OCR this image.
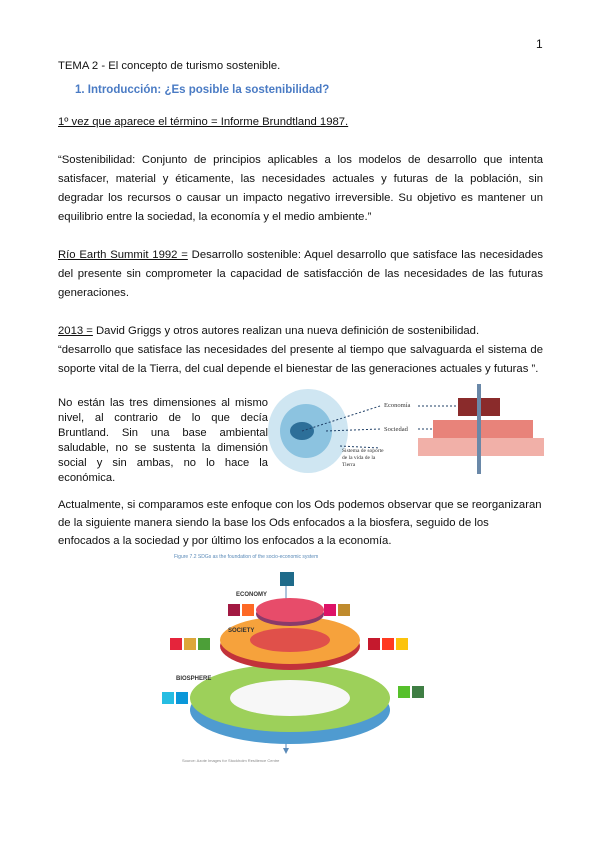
1
TEMA 2 - El concepto de turismo sostenible.
1. Introducción: ¿Es posible la sostenibilidad?
1º vez que aparece el término = Informe Brundtland 1987.
“Sostenibilidad: Conjunto de principios aplicables a los modelos de desarrollo que intenta satisfacer, material y éticamente, las necesidades actuales y futuras de la población, sin degradar los recursos o causar un impacto negativo irreversible. Su objetivo es mantener un equilibrio entre la sociedad, la economía y el medio ambiente.”
Río Earth Summit 1992 = Desarrollo sostenible: Aquel desarrollo que satisface las necesidades del presente sin comprometer la capacidad de satisfacción de las necesidades de las futuras generaciones.
2013 = David Griggs y otros autores realizan una nueva definición de sostenibilidad.
“desarrollo que satisface las necesidades del presente al tiempo que salvaguarda el sistema de soporte vital de la Tierra, del cual depende el bienestar de las generaciones actuales y futuras ”.
No están las tres dimensiones al mismo nivel, al contrario de lo que decía Bruntland. Sin una base ambiental saludable, no se sustenta la dimensión social y sin ambas, no lo hace la económica.
Economía
Sociedad
Sistema de soporte de la vida de la Tierra
Actualmente, si comparamos este enfoque con los Ods podemos observar que se reorganizaran de la siguiente manera siendo la base los Ods enfocados a la biosfera, seguido de los enfocados a la sociedad y por último los enfocados a la economía.
Figure 7.2 SDGs as the foundation of the socio-economic system
ECONOMY
SOCIETY
BIOSPHERE
Source: Azote Images for Stockholm Resilience Centre
